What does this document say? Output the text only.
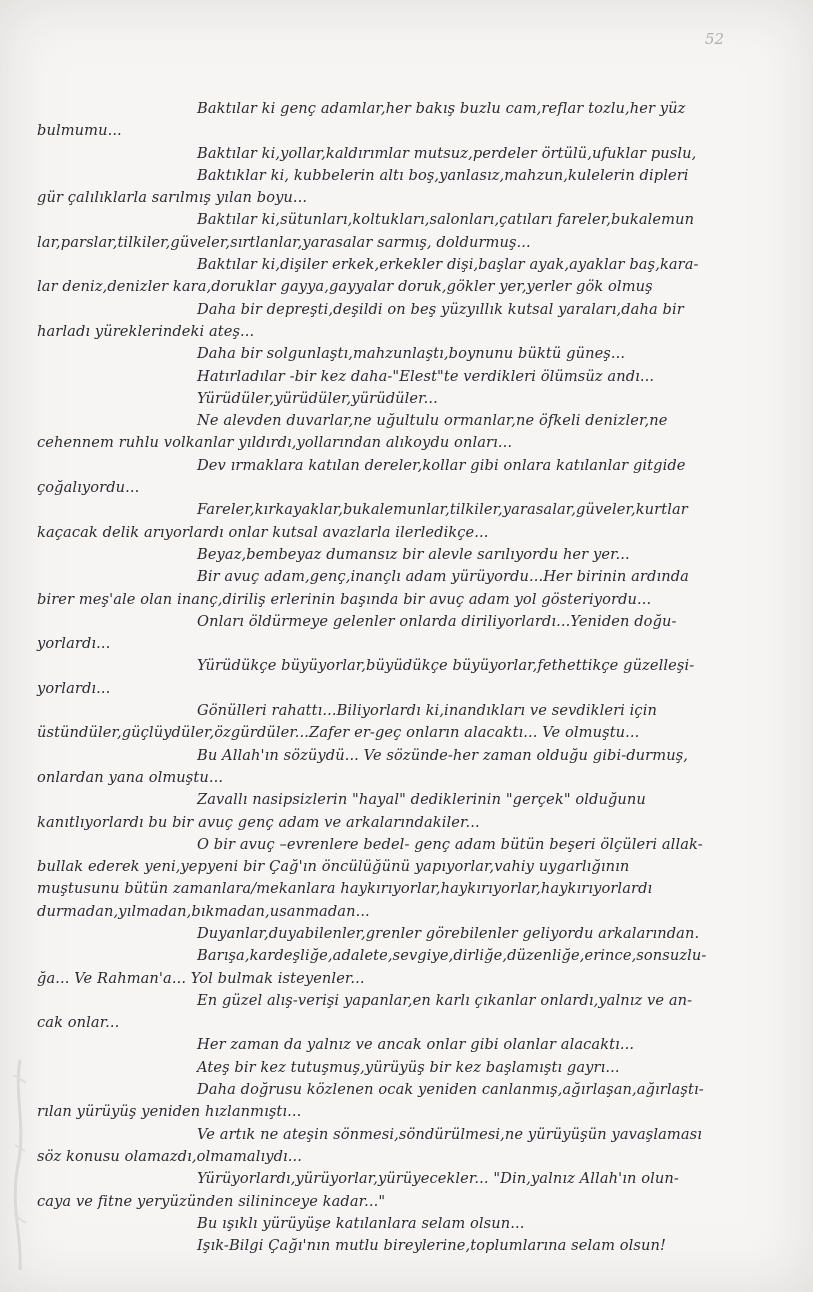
52
Baktılar ki genç adamlar,her bakış buzlu cam,reflar tozlu,her yüz
bulmumu...
Baktılar ki,yollar,kaldırımlar mutsuz,perdeler örtülü,ufuklar puslu,
Baktıklar ki, kubbelerin altı boş,yanlasız,mahzun,kulelerin dipleri
gür çalılıklarla sarılmış yılan boyu...
Baktılar ki,sütunları,koltukları,salonları,çatıları fareler,bukalemun
lar,parslar,tilkiler,güveler,sırtlanlar,yarasalar sarmış, doldurmuş...
Baktılar ki,dişiler erkek,erkekler dişi,başlar ayak,ayaklar baş,kara-
lar deniz,denizler kara,doruklar gayya,gayyalar doruk,gökler yer,yerler gök olmuş
Daha bir depreşti,deşildi on beş yüzyıllık kutsal yaraları,daha bir
harladı yüreklerindeki ateş...
Daha bir solgunlaştı,mahzunlaştı,boynunu büktü güneş...
Hatırladılar -bir kez daha-"Elest"te verdikleri ölümsüz andı...
Yürüdüler,yürüdüler,yürüdüler...
Ne alevden duvarlar,ne uğultulu ormanlar,ne öfkeli denizler,ne
cehennem ruhlu volkanlar yıldırdı,yollarından alıkoydu onları...
Dev ırmaklara katılan dereler,kollar gibi onlara katılanlar gitgide
çoğalıyordu...
Fareler,kırkayaklar,bukalemunlar,tilkiler,yarasalar,güveler,kurtlar
kaçacak delik arıyorlardı onlar kutsal avazlarla ilerledikçe...
Beyaz,bembeyaz dumansız bir alevle sarılıyordu her yer...
Bir avuç adam,genç,inançlı adam yürüyordu...Her birinin ardında
birer meş'ale olan inanç,diriliş erlerinin başında bir avuç adam yol gösteriyordu...
Onları öldürmeye gelenler onlarda diriliyorlardı...Yeniden doğu-
yorlardı...
Yürüdükçe büyüyorlar,büyüdükçe büyüyorlar,fethettikçe güzelleşi-
yorlardı...
Gönülleri rahattı...Biliyorlardı ki,inandıkları ve sevdikleri için
üstündüler,güçlüydüler,özgürdüler...Zafer er-geç onların alacaktı... Ve olmuştu...
Bu Allah'ın sözüydü... Ve sözünde-her zaman olduğu gibi-durmuş,
onlardan yana olmuştu...
Zavallı nasipsizlerin "hayal" dediklerinin "gerçek" olduğunu
kanıtlıyorlardı bu bir avuç genç adam ve arkalarındakiler...
O bir avuç –evrenlere bedel- genç adam bütün beşeri ölçüleri allak-
bullak ederek yeni,yepyeni bir Çağ'ın öncülüğünü yapıyorlar,vahiy uygarlığının
muştusunu bütün zamanlara/mekanlara haykırıyorlar,haykırıyorlar,haykırıyorlardı
durmadan,yılmadan,bıkmadan,usanmadan...
Duyanlar,duyabilenler,grenler görebilenler geliyordu arkalarından.
Barışa,kardeşliğe,adalete,sevgiye,dirliğe,düzenliğe,erince,sonsuzlu-
ğa... Ve Rahman'a... Yol bulmak isteyenler...
En güzel alış-verişi yapanlar,en karlı çıkanlar onlardı,yalnız ve an-
cak onlar...
Her zaman da yalnız ve ancak onlar gibi olanlar alacaktı...
Ateş bir kez tutuşmuş,yürüyüş bir kez başlamıştı gayrı...
Daha doğrusu közlenen ocak yeniden canlanmış,ağırlaşan,ağırlaştı-
rılan yürüyüş yeniden hızlanmıştı...
Ve artık ne ateşin sönmesi,söndürülmesi,ne yürüyüşün yavaşlaması
söz konusu olamazdı,olmamalıydı...
Yürüyorlardı,yürüyorlar,yürüyecekler... "Din,yalnız Allah'ın olun-
caya ve fitne yeryüzünden silininceye kadar..."
Bu ışıklı yürüyüşe katılanlara selam olsun...
Işık-Bilgi Çağı'nın mutlu bireylerine,toplumlarına selam olsun!
